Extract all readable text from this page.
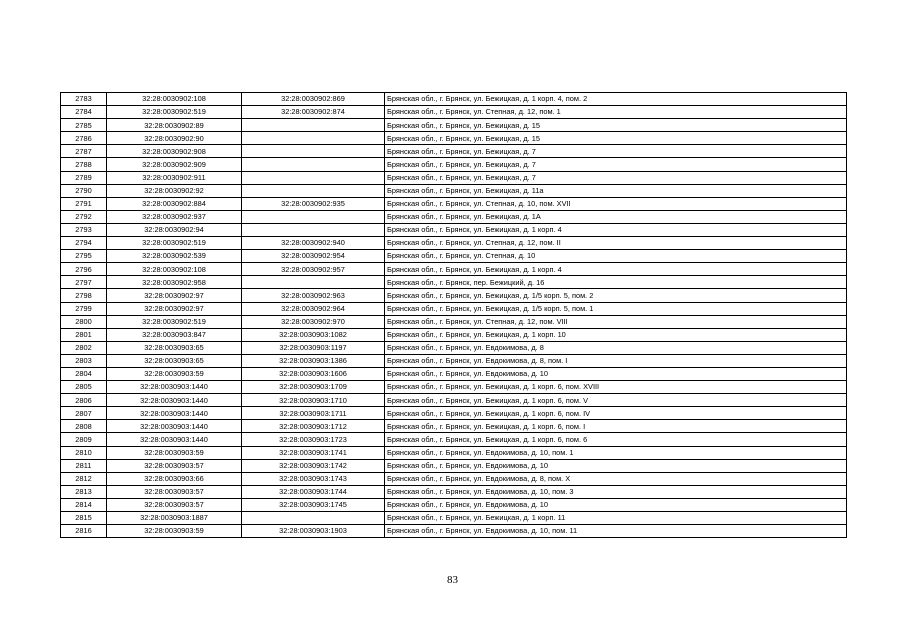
2783	32:28:0030902:108	32:28:0030902:869	Брянская обл., г. Брянск, ул. Бежицкая, д. 1 корп. 4, пом. 2
2784	32:28:0030902:519	32:28:0030902:874	Брянская обл., г. Брянск, ул. Степная, д. 12, пом. 1
2785	32:28:0030902:89		Брянская обл., г. Брянск, ул. Бежицкая, д. 15
2786	32:28:0030902:90		Брянская обл., г. Брянск, ул. Бежицкая, д. 15
2787	32:28:0030902:908		Брянская обл., г. Брянск, ул. Бежицкая, д. 7
2788	32:28:0030902:909		Брянская обл., г. Брянск, ул. Бежицкая, д. 7
2789	32:28:0030902:911		Брянская обл., г. Брянск, ул. Бежицкая, д. 7
2790	32:28:0030902:92		Брянская обл., г. Брянск, ул. Бежицкая, д. 11а
2791	32:28:0030902:884	32:28:0030902:935	Брянская обл., г. Брянск, ул. Степная, д. 10, пом. XVII
2792	32:28:0030902:937		Брянская обл., г. Брянск, ул. Бежицкая, д. 1А
2793	32:28:0030902:94		Брянская обл., г. Брянск, ул. Бежицкая, д. 1 корп. 4
2794	32:28:0030902:519	32:28:0030902:940	Брянская обл., г. Брянск, ул. Степная, д. 12, пом. II
2795	32:28:0030902:539	32:28:0030902:954	Брянская обл., г. Брянск, ул. Степная, д. 10
2796	32:28:0030902:108	32:28:0030902:957	Брянская обл., г. Брянск, ул. Бежицкая, д. 1 корп. 4
2797	32:28:0030902:958		Брянская обл., г. Брянск, пер. Бежицкий, д. 16
2798	32:28:0030902:97	32:28:0030902:963	Брянская обл., г. Брянск, ул. Бежицкая, д. 1/5 корп. 5, пом. 2
2799	32:28:0030902:97	32:28:0030902:964	Брянская обл., г. Брянск, ул. Бежицкая, д. 1/5 корп. 5, пом. 1
2800	32:28:0030902:519	32:28:0030902:970	Брянская обл., г. Брянск, ул. Степная, д. 12, пом. VIII
2801	32:28:0030903:847	32:28:0030903:1082	Брянская обл., г. Брянск, ул. Бежицкая, д. 1 корп. 10
2802	32:28:0030903:65	32:28:0030903:1197	Брянская обл., г. Брянск, ул. Евдокимова, д. 8
2803	32:28:0030903:65	32:28:0030903:1386	Брянская обл., г. Брянск, ул. Евдокимова, д. 8, пом. I
2804	32:28:0030903:59	32:28:0030903:1606	Брянская обл., г. Брянск, ул. Евдокимова, д. 10
2805	32:28:0030903:1440	32:28:0030903:1709	Брянская обл., г. Брянск, ул. Бежицкая, д. 1 корп. 6, пом. XVIII
2806	32:28:0030903:1440	32:28:0030903:1710	Брянская обл., г. Брянск, ул. Бежицкая, д. 1 корп. 6, пом. V
2807	32:28:0030903:1440	32:28:0030903:1711	Брянская обл., г. Брянск, ул. Бежицкая, д. 1 корп. 6, пом. IV
2808	32:28:0030903:1440	32:28:0030903:1712	Брянская обл., г. Брянск, ул. Бежицкая, д. 1 корп. 6, пом. I
2809	32:28:0030903:1440	32:28:0030903:1723	Брянская обл., г. Брянск, ул. Бежицкая, д. 1 корп. 6, пом. 6
2810	32:28:0030903:59	32:28:0030903:1741	Брянская обл., г. Брянск, ул. Евдокимова, д. 10, пом. 1
2811	32:28:0030903:57	32:28:0030903:1742	Брянская обл., г. Брянск, ул. Евдокимова, д. 10
2812	32:28:0030903:66	32:28:0030903:1743	Брянская обл., г. Брянск, ул. Евдокимова, д. 8, пом. X
2813	32:28:0030903:57	32:28:0030903:1744	Брянская обл., г. Брянск, ул. Евдокимова, д. 10, пом. 3
2814	32:28:0030903:57	32:28:0030903:1745	Брянская обл., г. Брянск, ул. Евдокимова, д. 10
2815	32:28:0030903:1887		Брянская обл., г. Брянск, ул. Бежицкая, д. 1 корп. 11
2816	32:28:0030903:59	32:28:0030903:1903	Брянская обл., г. Брянск, ул. Евдокимова, д. 10, пом. 11
83
